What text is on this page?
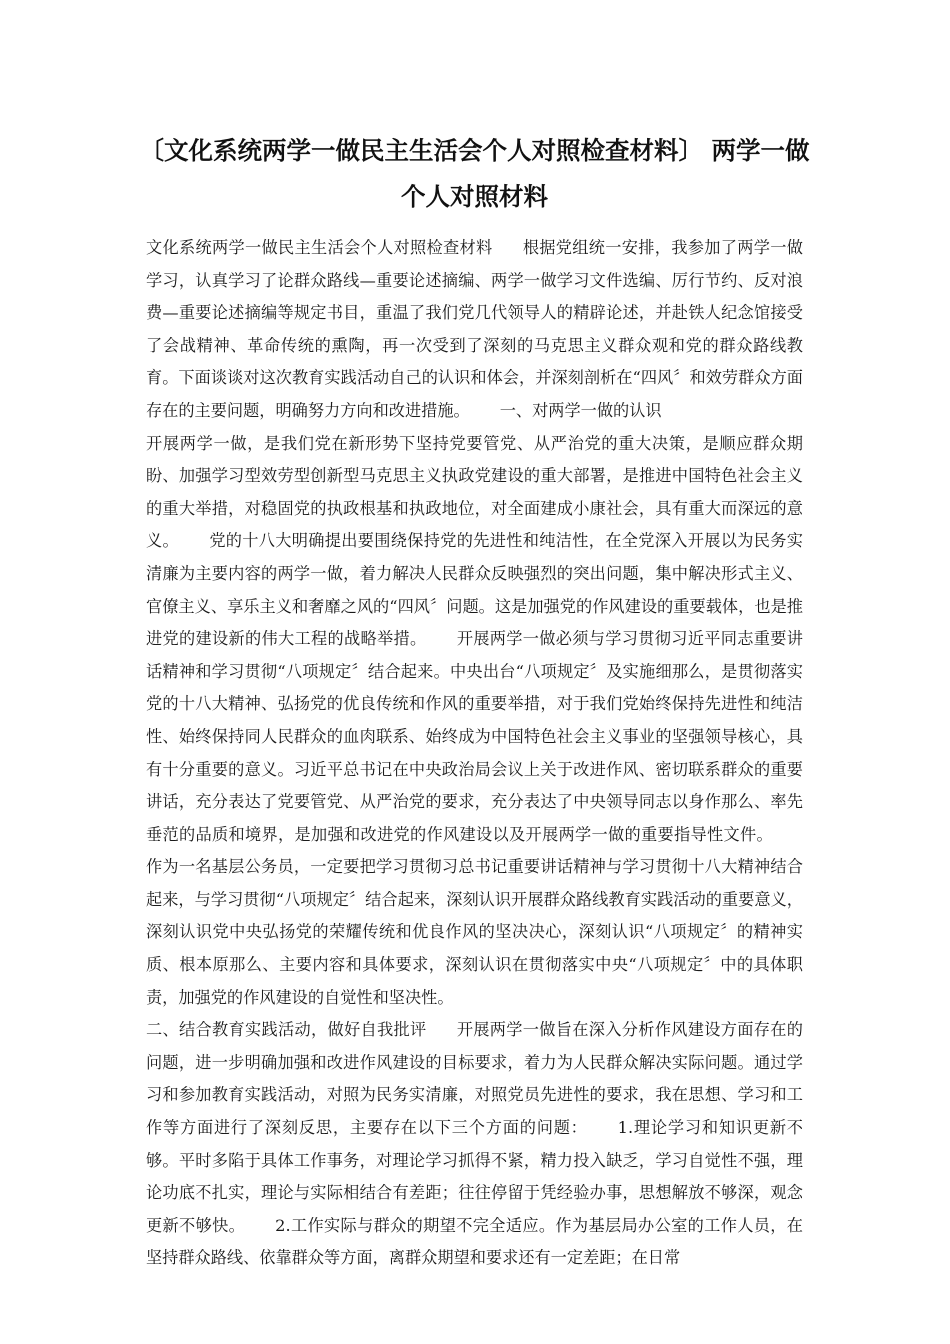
〔文化系统两学一做民主生活会个人对照检查材料〕 两学一做
个人对照材料

文化系统两学一做民主生活会个人对照检查材料 根据党组统一安排，我参加了两学一做学习，认真学习了论群众路线—重要论述摘编、两学一做学习文件选编、厉行节约、反对浪费—重要论述摘编等规定书目，重温了我们党几代领导人的精辟论述，并赴铁人纪念馆接受了会战精神、革命传统的熏陶，再一次受到了深刻的马克思主义群众观和党的群众路线教育。下面谈谈对这次教育实践活动自己的认识和体会，并深刻剖析在“四风〞和效劳群众方面存在的主要问题，明确努力方向和改进措施。 一、对两学一做的认识
开展两学一做，是我们党在新形势下坚持党要管党、从严治党的重大决策，是顺应群众期盼、加强学习型效劳型创新型马克思主义执政党建设的重大部署，是推进中国特色社会主义的重大举措，对稳固党的执政根基和执政地位，对全面建成小康社会，具有重大而深远的意义。 党的十八大明确提出要围绕保持党的先进性和纯洁性，在全党深入开展以为民务实清廉为主要内容的两学一做，着力解决人民群众反映强烈的突出问题，集中解决形式主义、官僚主义、享乐主义和奢靡之风的“四风〞问题。这是加强党的作风建设的重要载体，也是推进党的建设新的伟大工程的战略举措。 开展两学一做必须与学习贯彻习近平同志重要讲话精神和学习贯彻“八项规定〞结合起来。中央出台“八项规定〞及实施细那么，是贯彻落实党的十八大精神、弘扬党的优良传统和作风的重要举措，对于我们党始终保持先进性和纯洁性、始终保持同人民群众的血肉联系、始终成为中国特色社会主义事业的坚强领导核心，具有十分重要的意义。习近平总书记在中央政治局会议上关于改进作风、密切联系群众的重要讲话，充分表达了党要管党、从严治党的要求，充分表达了中央领导同志以身作那么、率先垂范的品质和境界，是加强和改进党的作风建设以及开展两学一做的重要指导性文件。作为一名基层公务员，一定要把学习贯彻习总书记重要讲话精神与学习贯彻十八大精神结合起来，与学习贯彻“八项规定〞结合起来，深刻认识开展群众路线教育实践活动的重要意义，深刻认识党中央弘扬党的荣耀传统和优良作风的坚决决心，深刻认识“八项规定〞的精神实质、根本原那么、主要内容和具体要求，深刻认识在贯彻落实中央“八项规定〞中的具体职责，加强党的作风建设的自觉性和坚决性。
二、结合教育实践活动，做好自我批评 开展两学一做旨在深入分析作风建设方面存在的问题，进一步明确加强和改进作风建设的目标要求，着力为人民群众解决实际问题。通过学习和参加教育实践活动，对照为民务实清廉，对照党员先进性的要求，我在思想、学习和工作等方面进行了深刻反思，主要存在以下三个方面的问题： 1.理论学习和知识更新不够。平时多陷于具体工作事务，对理论学习抓得不紧，精力投入缺乏，学习自觉性不强，理论功底不扎实，理论与实际相结合有差距；往往停留于凭经验办事，思想解放不够深，观念更新不够快。 2.工作实际与群众的期望不完全适应。作为基层局办公室的工作人员，在坚持群众路线、依靠群众等方面，离群众期望和要求还有一定差距；在日常
